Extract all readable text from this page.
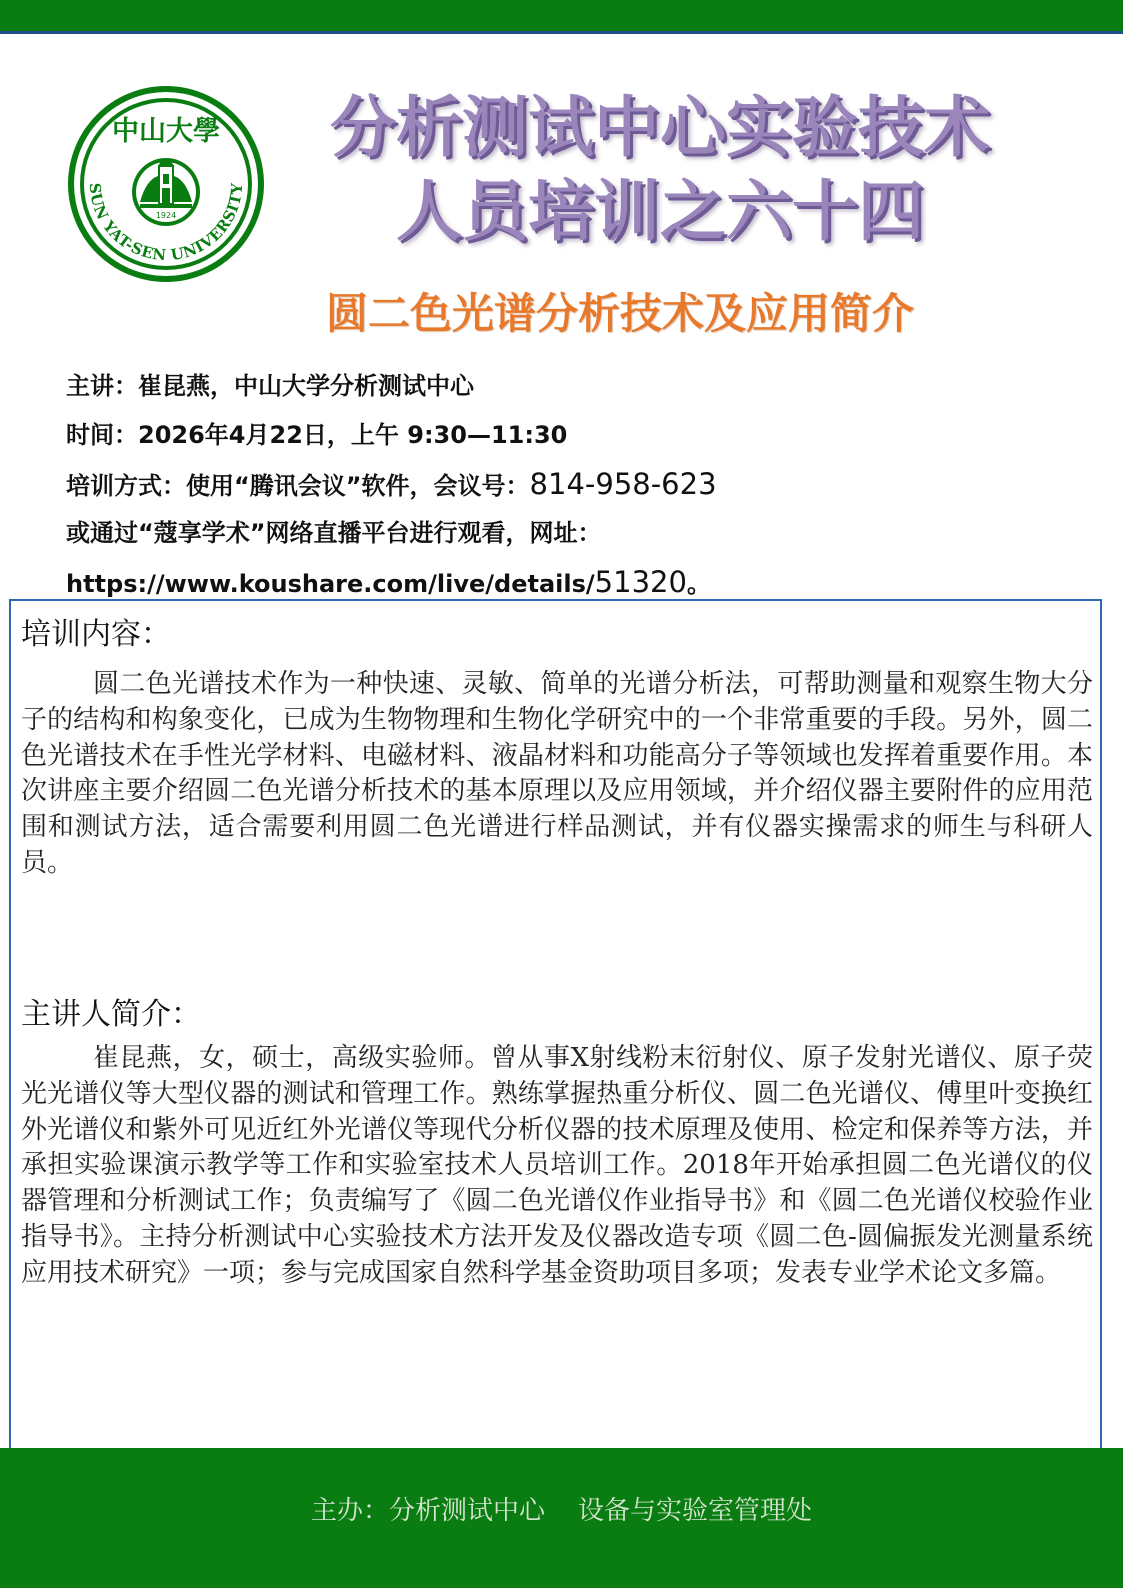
中山大學
SUN YAT-SEN UNIVERSITY
1924
分析测试中心实验技术
人员培训之六十四
圆二色光谱分析技术及应用简介
主讲：崔昆燕，中山大学分析测试中心
时间：2026年4月22日，上午 9:30—11:30
培训方式：使用“腾讯会议”软件，会议号：814-958-623
或通过“蔻享学术”网络直播平台进行观看，网址：
https://www.koushare.com/live/details/51320。
培训内容：
圆二色光谱技术作为一种快速、灵敏、简单的光谱分析法，可帮助测量和观察生物大分子的结构和构象变化，已成为生物物理和生物化学研究中的一个非常重要的手段。另外，圆二色光谱技术在手性光学材料、电磁材料、液晶材料和功能高分子等领域也发挥着重要作用。本次讲座主要介绍圆二色光谱分析技术的基本原理以及应用领域，并介绍仪器主要附件的应用范围和测试方法，适合需要利用圆二色光谱进行样品测试，并有仪器实操需求的师生与科研人员。
主讲人简介：
崔昆燕，女，硕士，高级实验师。曾从事X射线粉末衍射仪、原子发射光谱仪、原子荧光光谱仪等大型仪器的测试和管理工作。熟练掌握热重分析仪、圆二色光谱仪、傅里叶变换红外光谱仪和紫外可见近红外光谱仪等现代分析仪器的技术原理及使用、检定和保养等方法，并承担实验课演示教学等工作和实验室技术人员培训工作。2018年开始承担圆二色光谱仪的仪器管理和分析测试工作；负责编写了《圆二色光谱仪作业指导书》和《圆二色光谱仪校验作业指导书》。主持分析测试中心实验技术方法开发及仪器改造专项《圆二色-圆偏振发光测量系统应用技术研究》一项；参与完成国家自然科学基金资助项目多项；发表专业学术论文多篇。
主办：分析测试中心    设备与实验室管理处
